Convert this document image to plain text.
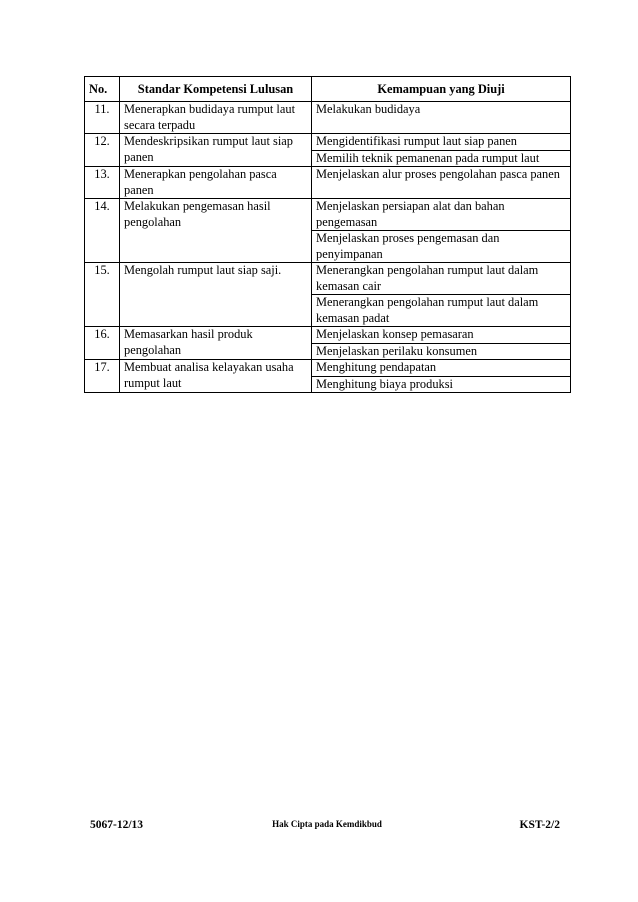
No.	Standar Kompetensi Lulusan	Kemampuan yang Diuji
11.	Menerapkan budidaya rumput laut secara terpadu	Melakukan budidaya
12.	Mendeskripsikan rumput laut siap panen	Mengidentifikasi rumput laut siap panen
		Memilih teknik pemanenan pada rumput laut
13.	Menerapkan pengolahan pasca panen	Menjelaskan alur proses pengolahan pasca panen
14.	Melakukan pengemasan hasil pengolahan	Menjelaskan persiapan alat dan bahan pengemasan
		Menjelaskan proses pengemasan dan penyimpanan
15.	Mengolah rumput laut siap saji.	Menerangkan pengolahan rumput laut dalam kemasan cair
		Menerangkan pengolahan rumput laut dalam kemasan padat
16.	Memasarkan hasil produk pengolahan	Menjelaskan konsep pemasaran
		Menjelaskan perilaku konsumen
17.	Membuat analisa kelayakan usaha rumput laut	Menghitung pendapatan
		Menghitung biaya produksi
5067-12/13	Hak Cipta pada Kemdikbud	KST-2/2
